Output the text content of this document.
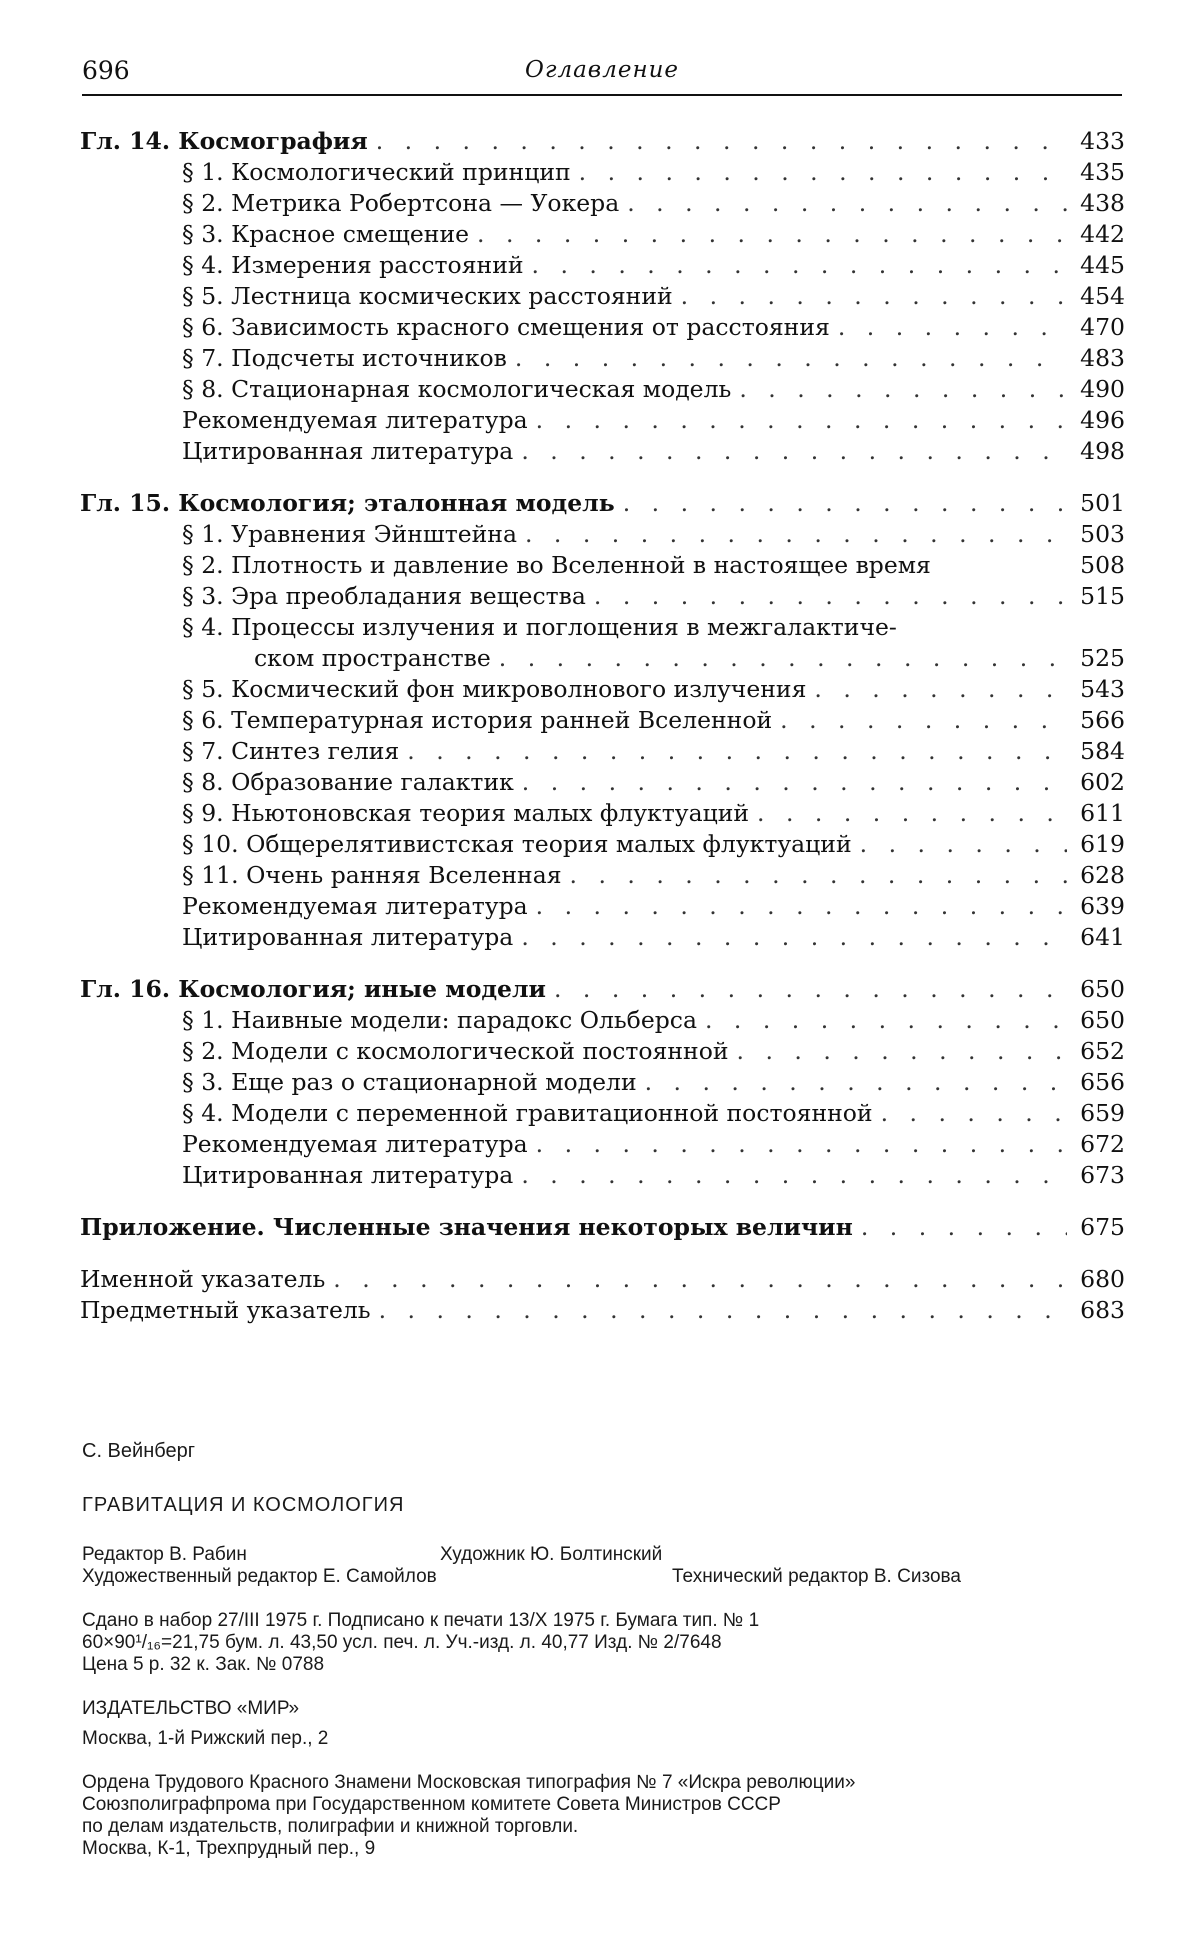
696	Оглавление
Гл. 14. Космография . . .	433
§ 1. Космологический принцип . . .	435
§ 2. Метрика Робертсона — Уокера . . .	438
§ 3. Красное смещение . . .	442
§ 4. Измерения расстояний . . .	445
§ 5. Лестница космических расстояний . . .	454
§ 6. Зависимость красного смещения от расстояния . . .	470
§ 7. Подсчеты источников . . .	483
§ 8. Стационарная космологическая модель . . .	490
Рекомендуемая литература . . .	496
Цитированная литература . . .	498
Гл. 15. Космология; эталонная модель . . .	501
§ 1. Уравнения Эйнштейна . . .	503
§ 2. Плотность и давление во Вселенной в настоящее время	508
§ 3. Эра преобладания вещества . . .	515
§ 4. Процессы излучения и поглощения в межгалактиче-
ском пространстве . . .	525
§ 5. Космический фон микроволнового излучения . . .	543
§ 6. Температурная история ранней Вселенной . . .	566
§ 7. Синтез гелия . . .	584
§ 8. Образование галактик . . .	602
§ 9. Ньютоновская теория малых флуктуаций . . .	611
§ 10. Общерелятивистская теория малых флуктуаций . . .	619
§ 11. Очень ранняя Вселенная . . .	628
Рекомендуемая литература . . .	639
Цитированная литература . . .	641
Гл. 16. Космология; иные модели . . .	650
§ 1. Наивные модели: парадокс Ольберса . . .	650
§ 2. Модели с космологической постоянной . . .	652
§ 3. Еще раз о стационарной модели . . .	656
§ 4. Модели с переменной гравитационной постоянной . . .	659
Рекомендуемая литература . . .	672
Цитированная литература . . .	673
Приложение. Численные значения некоторых величин . . .	675
Именной указатель . . .	680
Предметный указатель . . .	683
С. Вейнберг
ГРАВИТАЦИЯ И КОСМОЛОГИЯ
Редактор В. Рабин	Художник Ю. Болтинский
Художественный редактор Е. Самойлов	Технический редактор В. Сизова
Сдано в набор 27/III 1975 г. Подписано к печати 13/X 1975 г. Бумага тип. № 1
60×90¹/₁₆=21,75 бум. л. 43,50 усл. печ. л. Уч.-изд. л. 40,77 Изд. № 2/7648
Цена 5 р. 32 к. Зак. № 0788
ИЗДАТЕЛЬСТВО «МИР»
Москва, 1-й Рижский пер., 2
Ордена Трудового Красного Знамени Московская типография № 7 «Искра революции»
Союзполиграфпрома при Государственном комитете Совета Министров СССР
по делам издательств, полиграфии и книжной торговли.
Москва, К-1, Трехпрудный пер., 9
